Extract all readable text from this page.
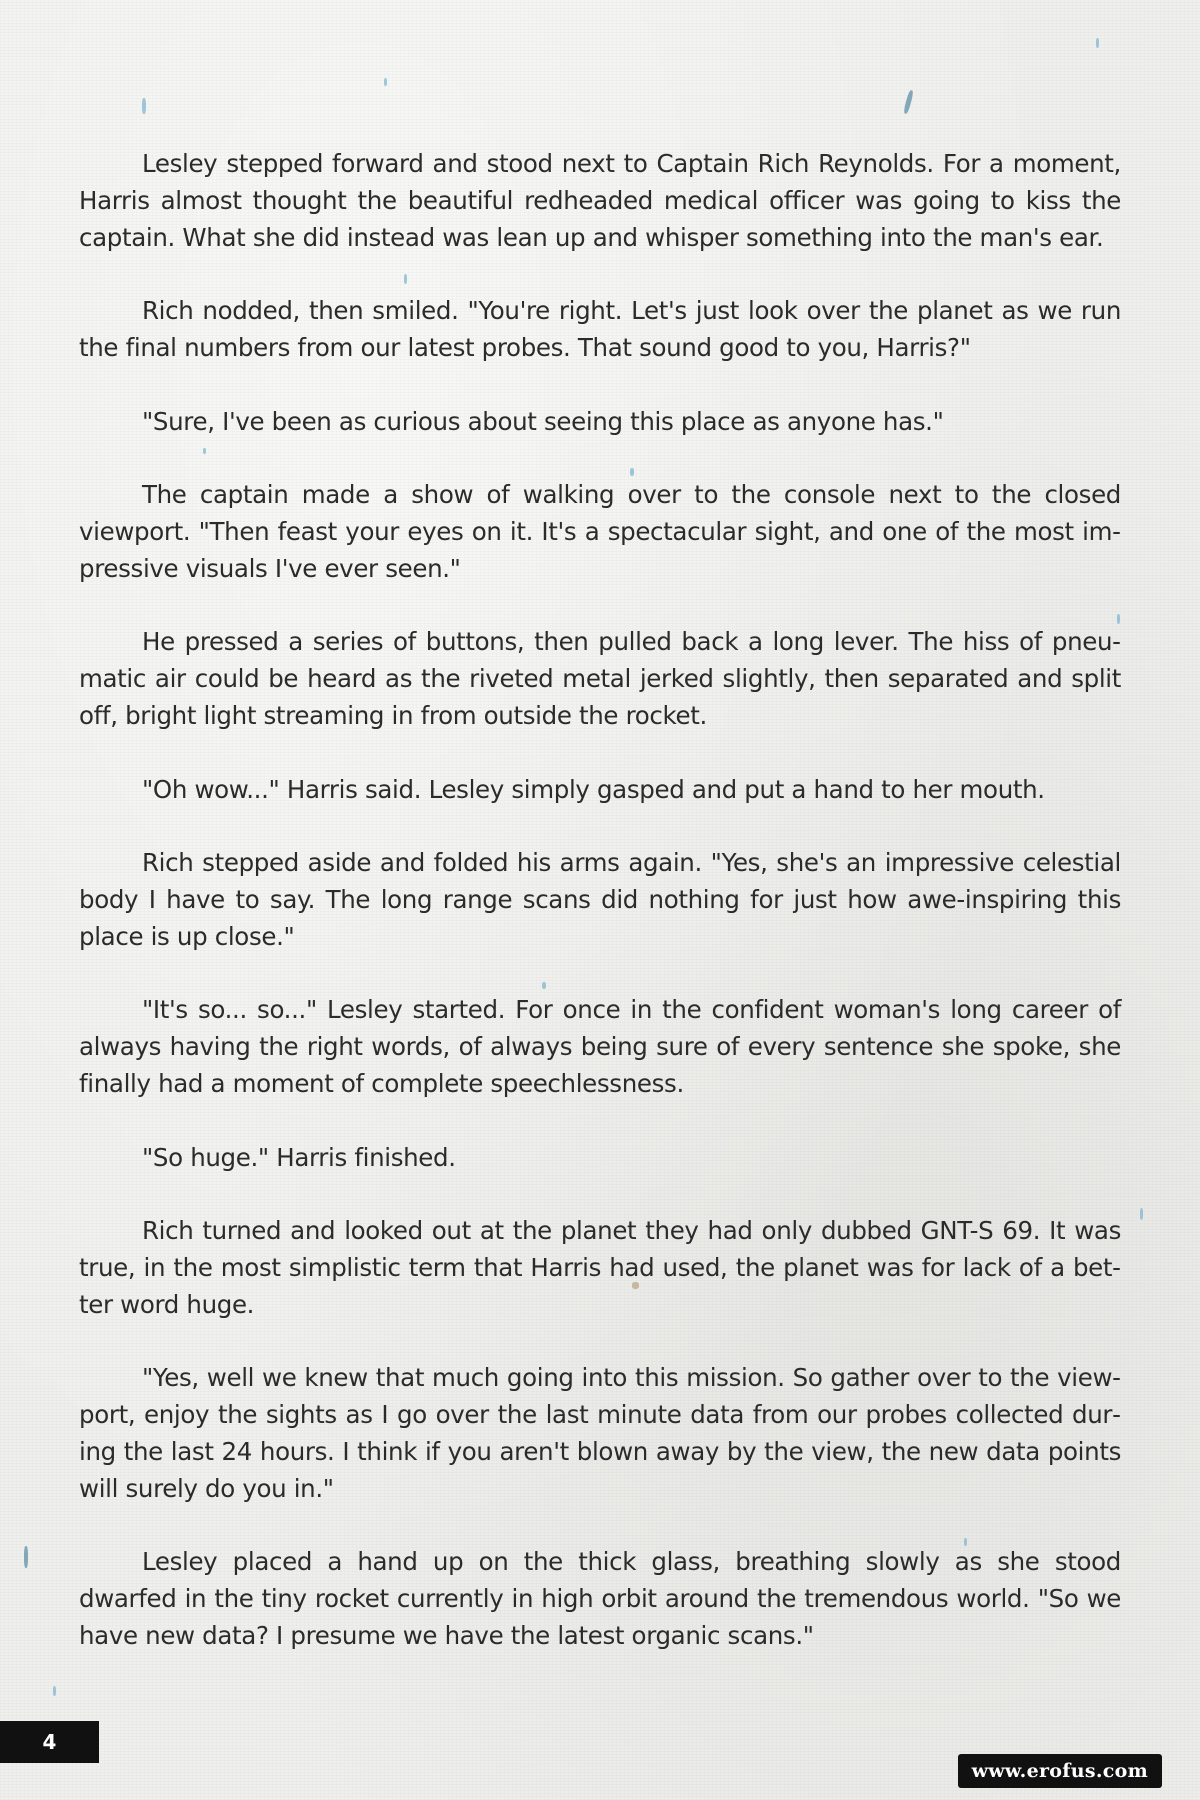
Lesley stepped forward and stood next to Captain Rich Reynolds. For a moment, Harris almost thought the beautiful redheaded medical officer was going to kiss the captain. What she did instead was lean up and whisper something into the man's ear.

Rich nodded, then smiled. "You're right. Let's just look over the planet as we run the final numbers from our latest probes. That sound good to you, Harris?"

"Sure, I've been as curious about seeing this place as anyone has."

The captain made a show of walking over to the console next to the closed viewport. "Then feast your eyes on it. It's a spectacular sight, and one of the most impressive visuals I've ever seen."

He pressed a series of buttons, then pulled back a long lever. The hiss of pneumatic air could be heard as the riveted metal jerked slightly, then separated and split off, bright light streaming in from outside the rocket.

"Oh wow..." Harris said. Lesley simply gasped and put a hand to her mouth.

Rich stepped aside and folded his arms again. "Yes, she's an impressive celestial body I have to say. The long range scans did nothing for just how awe-inspiring this place is up close."

"It's so... so..." Lesley started. For once in the confident woman's long career of always having the right words, of always being sure of every sentence she spoke, she finally had a moment of complete speechlessness.

"So huge." Harris finished.

Rich turned and looked out at the planet they had only dubbed GNT-S 69. It was true, in the most simplistic term that Harris had used, the planet was for lack of a better word huge.

"Yes, well we knew that much going into this mission. So gather over to the viewport, enjoy the sights as I go over the last minute data from our probes collected during the last 24 hours. I think if you aren't blown away by the view, the new data points will surely do you in."

Lesley placed a hand up on the thick glass, breathing slowly as she stood dwarfed in the tiny rocket currently in high orbit around the tremendous world. "So we have new data? I presume we have the latest organic scans."

4
www.erofus.com
